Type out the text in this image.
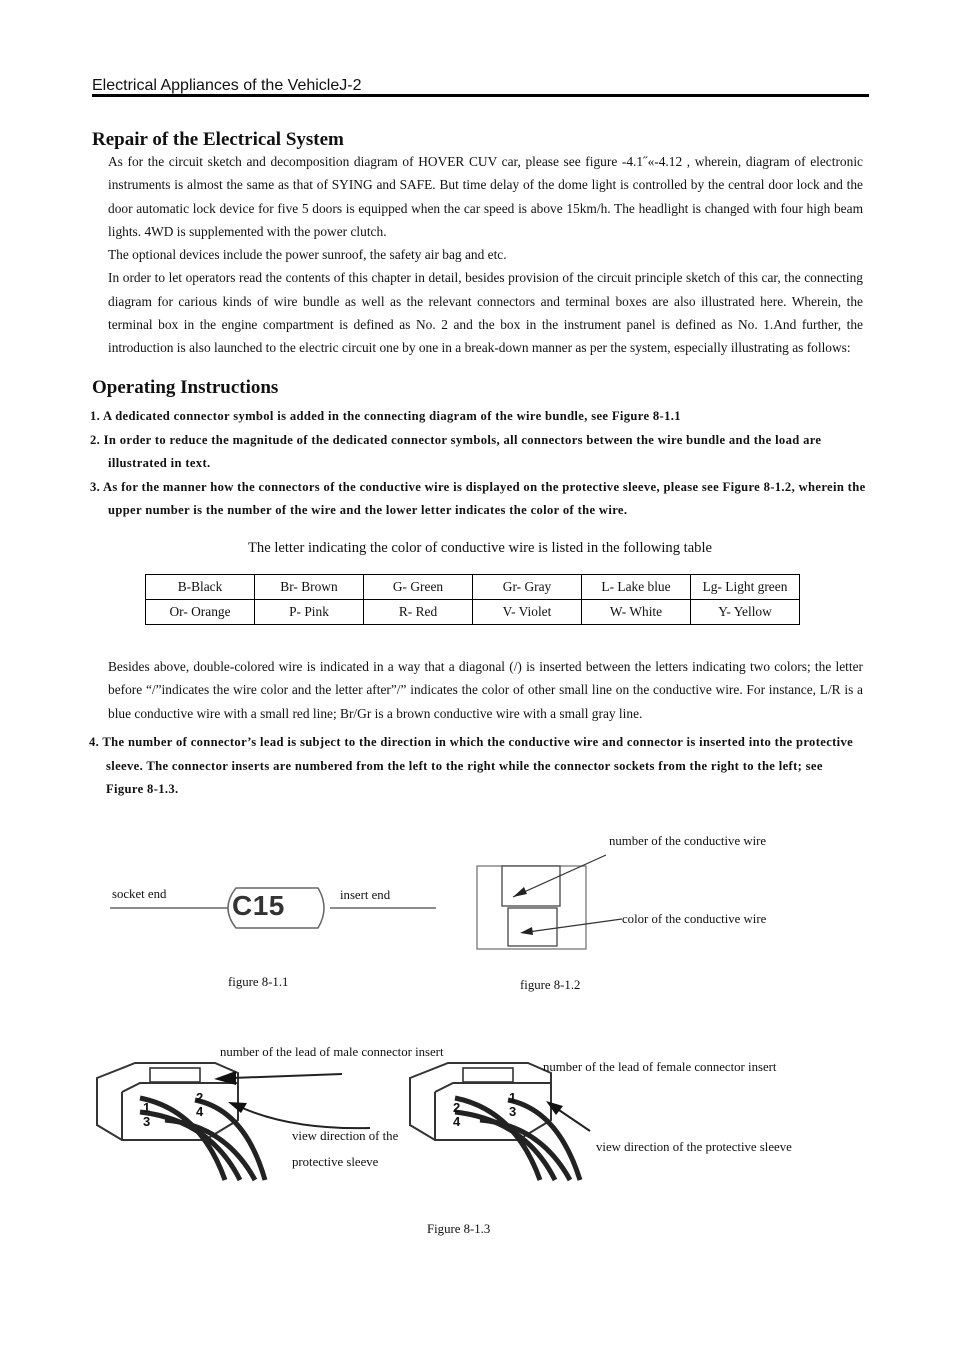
Electrical Appliances of the VehicleJ-2
Repair of the Electrical System

As for the circuit sketch and decomposition diagram of HOVER CUV car, please see figure -4.1˝«-4.12 , wherein, diagram of electronic instruments is almost the same as that of SYING and SAFE. But time delay of the dome light is controlled by the central door lock and the door automatic lock device for five 5 doors is equipped when the car speed is above 15km/h. The headlight is changed with four high beam lights. 4WD is supplemented with the power clutch.

The optional devices include the power sunroof, the safety air bag and etc.

In order to let operators read the contents of this chapter in detail, besides provision of the circuit principle sketch of this car, the connecting diagram for carious kinds of wire bundle as well as the relevant connectors and terminal boxes are also illustrated here. Wherein, the terminal box in the engine compartment is defined as No. 2 and the box in the instrument panel is defined as No. 1.And further, the introduction is also launched to the electric circuit one by one in a break-down manner as per the system, especially illustrating as follows:

Operating Instructions

1. A dedicated connector symbol is added in the connecting diagram of the wire bundle, see Figure 8-1.1

2. In order to reduce the magnitude of the dedicated connector symbols, all connectors between the wire bundle and the load are illustrated in text.

3. As for the manner how the connectors of the conductive wire is displayed on the protective sleeve, please see Figure 8-1.2, wherein the upper number is the number of the wire and the lower letter indicates the color of the wire.

The letter indicating the color of conductive wire is listed in the following table
B-Black	Br- Brown	G- Green	Gr- Gray	L- Lake blue	Lg- Light green
Or- Orange	P- Pink	R- Red	V- Violet	W- White	Y- Yellow
Besides above, double-colored wire is indicated in a way that a diagonal (/) is inserted between the letters indicating two colors; the letter before “/”indicates the wire color and the letter after”/” indicates the color of other small line on the conductive wire. For instance, L/R is a blue conductive wire with a small red line; Br/Gr is a brown conductive wire with a small gray line.

4. The number of connector’s lead is subject to the direction in which the conductive wire and connector is inserted into the protective sleeve. The connector inserts are numbered from the left to the right while the connector sockets from the right to the left; see Figure 8-1.3.

socket end	insert end
C15
figure 8-1.1
number of the conductive wire
color of the conductive wire
figure 8-1.2
number of the lead of male connector insert
number of the lead of female connector insert
view direction of the
protective sleeve
view direction of the protective sleeve
1
2
3
4	2
1
4
3
Figure 8-1.3
